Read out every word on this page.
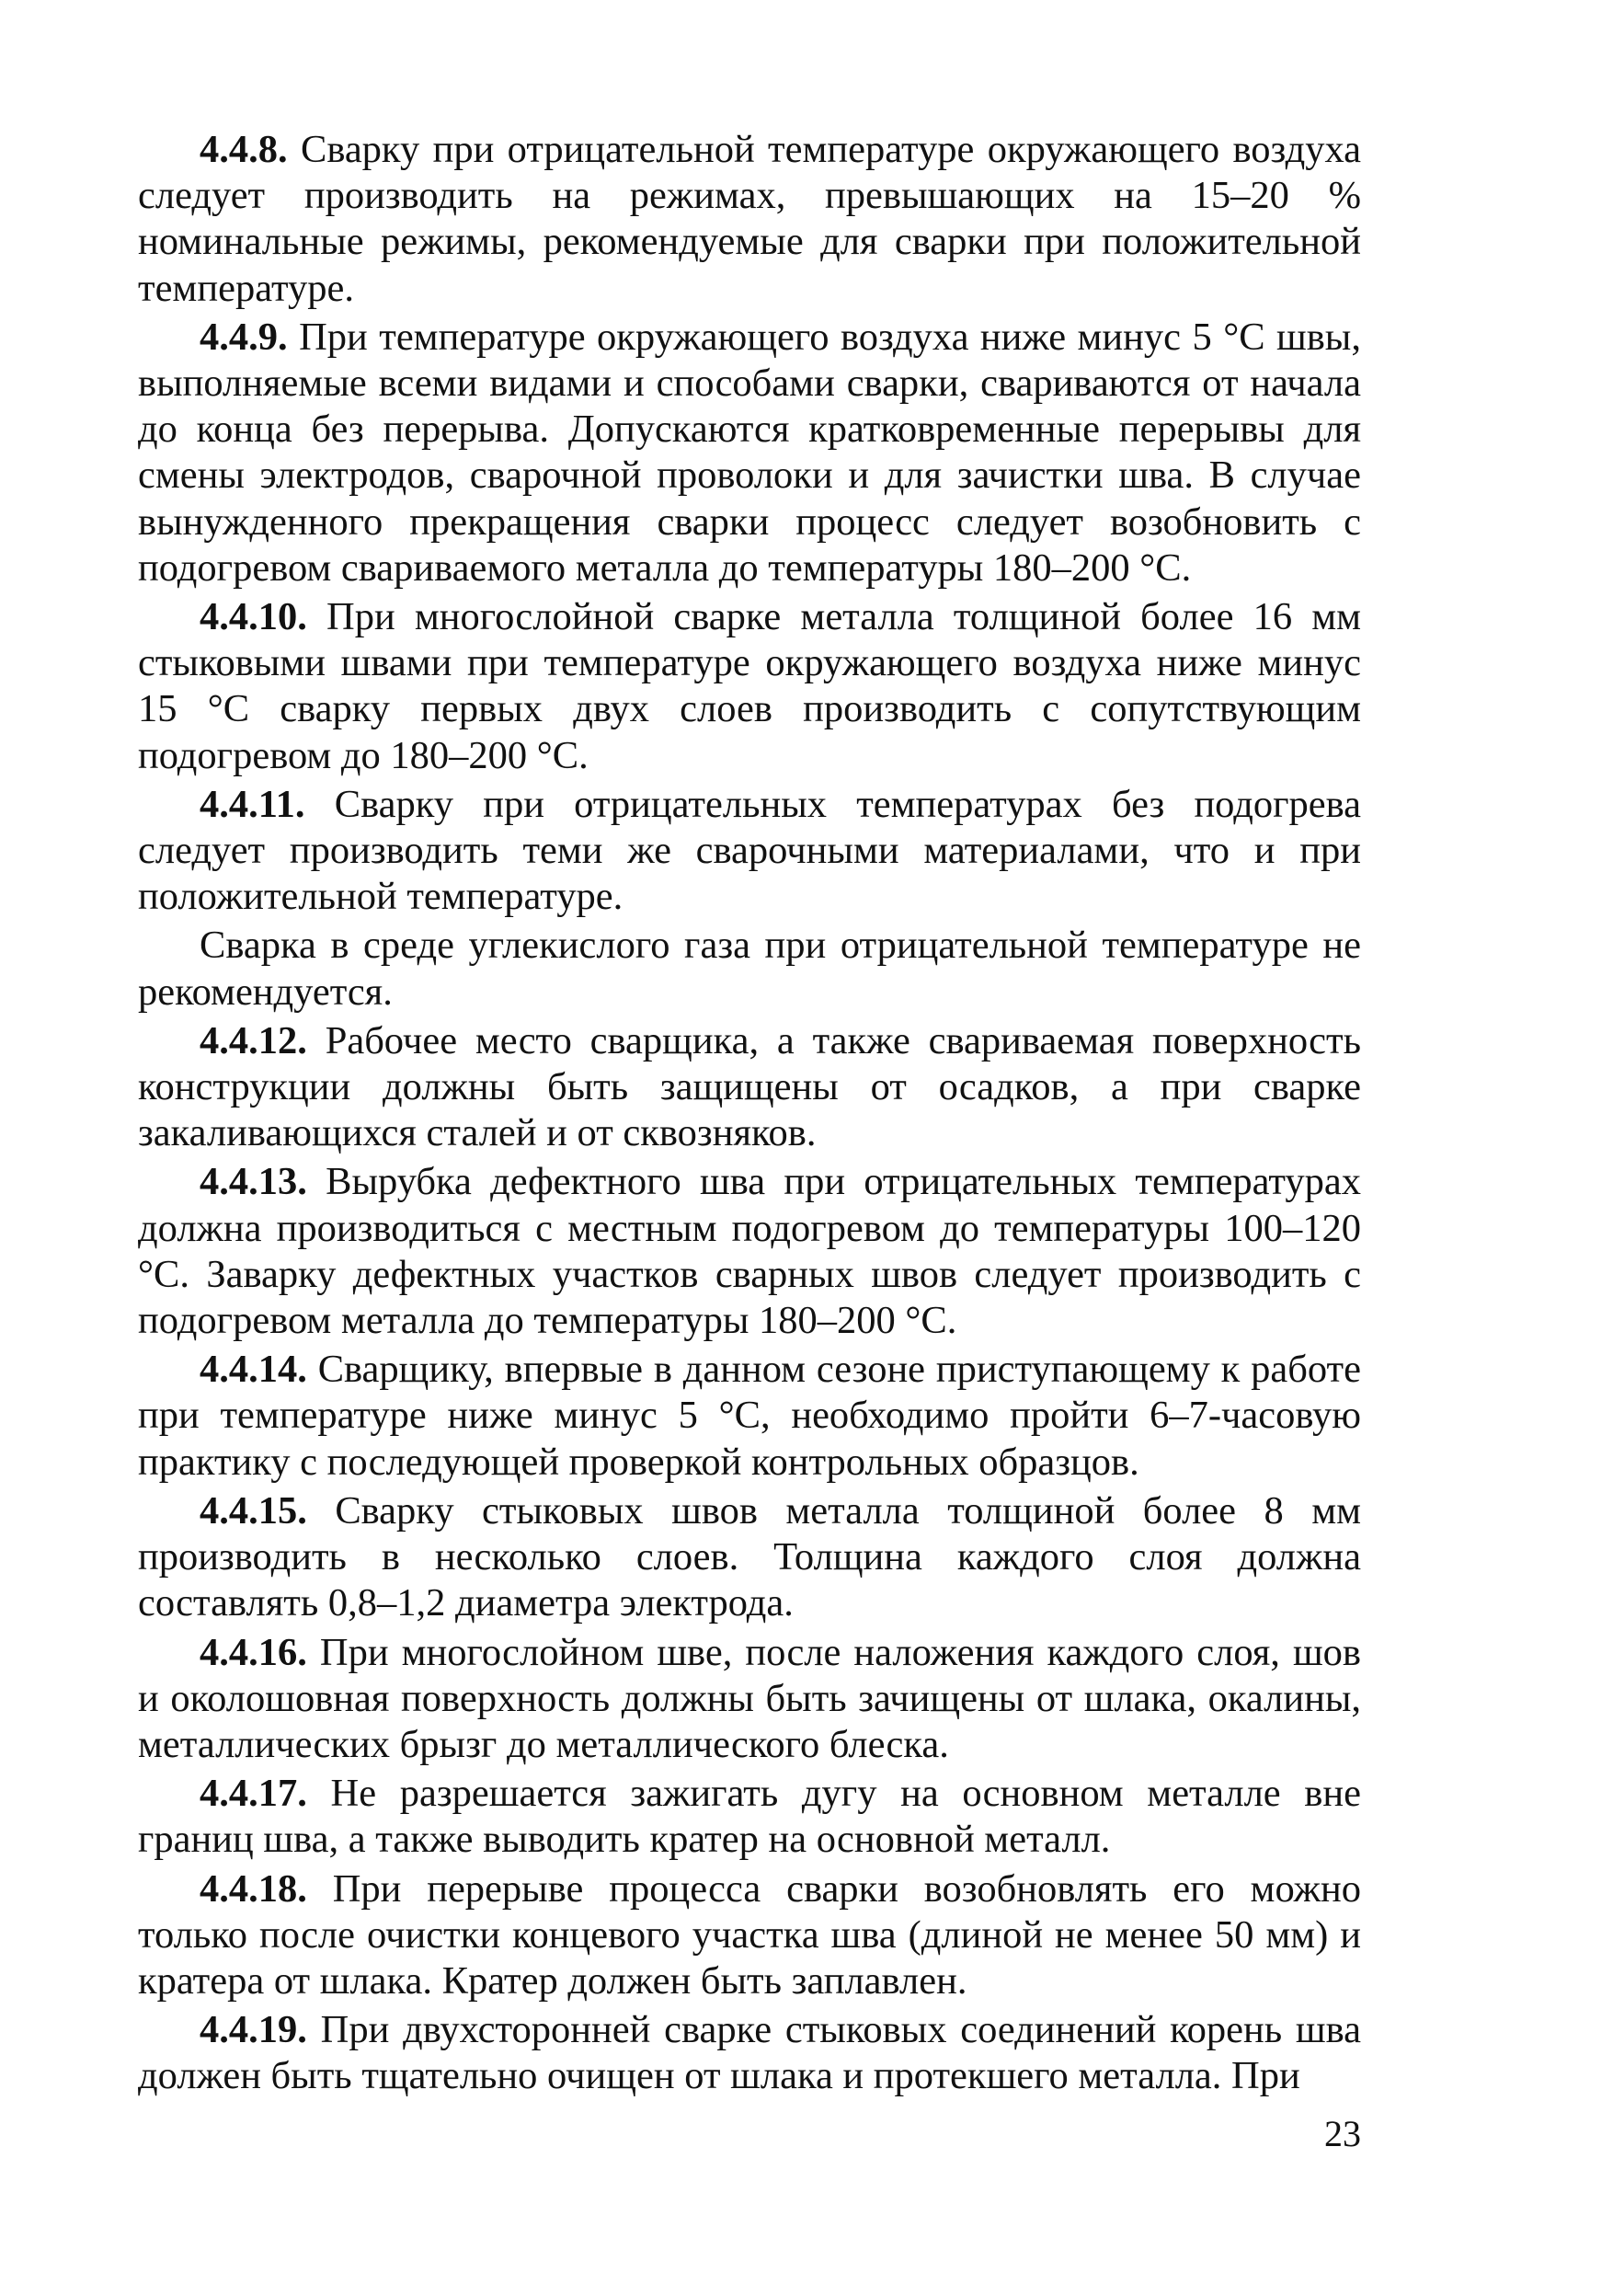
4.4.8. Сварку при отрицательной температуре окружающего воздуха следует производить на режимах, превышающих на 15–20 % номинальные режимы, рекомендуемые для сварки при положительной температуре.

4.4.9. При температуре окружающего воздуха ниже минус 5 °С швы, выполняемые всеми видами и способами сварки, свариваются от начала до конца без перерыва. Допускаются кратковременные перерывы для смены электродов, сварочной проволоки и для зачистки шва. В случае вынужденного прекращения сварки процесс следует возобновить с подогревом свариваемого металла до температуры 180–200 °С.

4.4.10. При многослойной сварке металла толщиной более 16 мм стыковыми швами при температуре окружающего воздуха ниже минус 15 °С сварку первых двух слоев производить с сопутствующим подогревом до 180–200 °С.

4.4.11. Сварку при отрицательных температурах без подогрева следует производить теми же сварочными материалами, что и при положительной температуре.

Сварка в среде углекислого газа при отрицательной температуре не рекомендуется.

4.4.12. Рабочее место сварщика, а также свариваемая поверхность конструкции должны быть защищены от осадков, а при сварке закаливающихся сталей и от сквозняков.

4.4.13. Вырубка дефектного шва при отрицательных температурах должна производиться с местным подогревом до температуры 100–120 °С. Заварку дефектных участков сварных швов следует производить с подогревом металла до температуры 180–200 °С.

4.4.14. Сварщику, впервые в данном сезоне приступающему к работе при температуре ниже минус 5 °С, необходимо пройти 6–7-часовую практику с последующей проверкой контрольных образцов.

4.4.15. Сварку стыковых швов металла толщиной более 8 мм производить в несколько слоев. Толщина каждого слоя должна составлять 0,8–1,2 диаметра электрода.

4.4.16. При многослойном шве, после наложения каждого слоя, шов и околошовная поверхность должны быть зачищены от шлака, окалины, металлических брызг до металлического блеска.

4.4.17. Не разрешается зажигать дугу на основном металле вне границ шва, а также выводить кратер на основной металл.

4.4.18. При перерыве процесса сварки возобновлять его можно только после очистки концевого участка шва (длиной не менее 50 мм) и кратера от шлака. Кратер должен быть заплавлен.

4.4.19. При двухсторонней сварке стыковых соединений корень шва должен быть тщательно очищен от шлака и протекшего металла. При

23
